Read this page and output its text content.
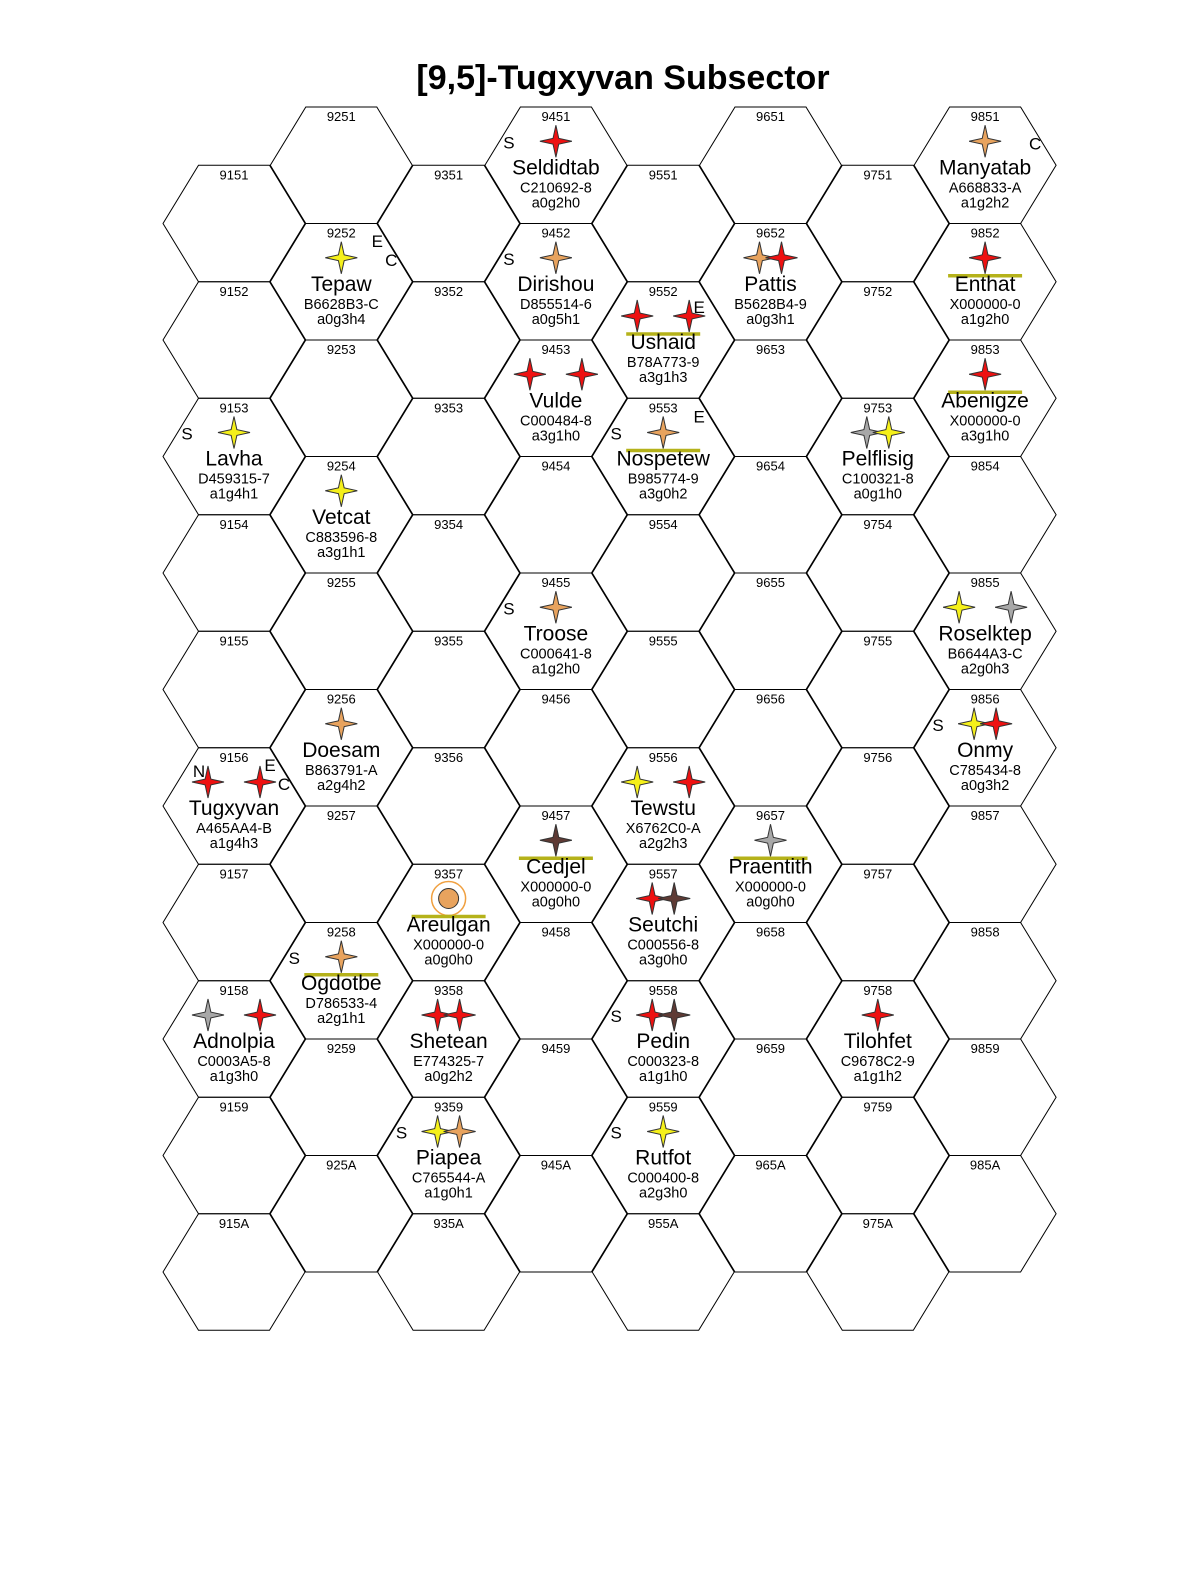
[9,5]-Tugxyvan Subsector
9151
9152
9153
9154
9155
9156
9157
9158
9159
915A
9251
9252
9253
9254
9255
9256
9257
9258
9259
925A
9351
9352
9353
9354
9355
9356
9357
9358
9359
935A
9451
9452
9453
9454
9455
9456
9457
9458
9459
945A
9551
9552
9553
9554
9555
9556
9557
9558
9559
955A
9651
9652
9653
9654
9655
9656
9657
9658
9659
965A
9751
9752
9753
9754
9755
9756
9757
9758
9759
975A
9851
9852
9853
9854
9855
9856
9857
9858
9859
985A
Lavha
D459315-7
a1g4h1
S
Tugxyvan
A465AA4-B
a1g4h3
N	E
C
Adnolpia
C0003A5-8
a1g3h0
Tepaw
B6628B3-C
a0g3h4
E
C
Vetcat
C883596-8
a3g1h1
Doesam
B863791-A
a2g4h2
Ogdotbe
D786533-4
a2g1h1
S
Areulgan
X000000-0
a0g0h0
Shetean
E774325-7
a0g2h2
Piapea
C765544-A
a1g0h1
S
Seldidtab
C210692-8
a0g2h0
S
Dirishou
D855514-6
a0g5h1
S
Vulde
C000484-8
a3g1h0
Troose
C000641-8
a1g2h0
S
Cedjel
X000000-0
a0g0h0
Ushaid
B78A773-9
a3g1h3
E
Nospetew
B985774-9
a3g0h2
S
E
Tewstu
X6762C0-A
a2g2h3
Seutchi
C000556-8
a3g0h0
Pedin
C000323-8
a1g1h0
S
Rutfot
C000400-8
a2g3h0
S
Pattis
B5628B4-9
a0g3h1
Praentith
X000000-0
a0g0h0
Pelflisig
C100321-8
a0g1h0
Tilohfet
C9678C2-9
a1g1h2
Manyatab
A668833-A
a1g2h2
C
Enthat
X000000-0
a1g2h0
Abenigze
X000000-0
a3g1h0
Roselktep
B6644A3-C
a2g0h3
Onmy
C785434-8
a0g3h2
S
